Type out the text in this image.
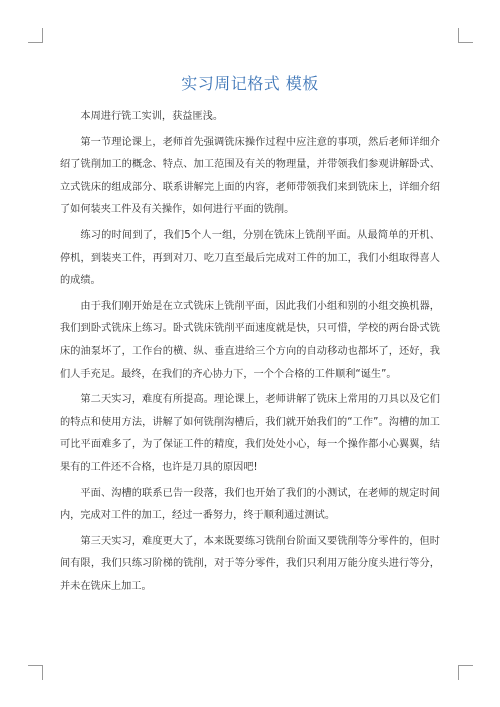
实习周记格式 模板

本周进行铣工实训，获益匪浅。

第一节理论课上，老师首先强调铣床操作过程中应注意的事项，然后老师详细介绍了铣削加工的概念、特点、加工范围及有关的物理量，并带领我们参观讲解卧式、立式铣床的组成部分、联系讲解完上面的内容，老师带领我们来到铣床上，详细介绍了如何装夹工件及有关操作，如何进行平面的铣削。

练习的时间到了，我们5个人一组，分别在铣床上铣削平面。从最简单的开机、停机，到装夹工件，再到对刀、吃刀直至最后完成对工件的加工，我们小组取得喜人的成绩。

由于我们刚开始是在立式铣床上铣削平面，因此我们小组和别的小组交换机器，我们到卧式铣床上练习。卧式铣床铣削平面速度就是快，只可惜，学校的两台卧式铣床的油泵坏了，工作台的横、纵、垂直进给三个方向的自动移动也都坏了，还好，我们人手充足。最终，在我们的齐心协力下，一个个合格的工件顺利“诞生”。

第二天实习，难度有所提高。理论课上，老师讲解了铣床上常用的刀具以及它们的特点和使用方法，讲解了如何铣削沟槽后，我们就开始我们的“工作”。沟槽的加工可比平面难多了，为了保证工件的精度，我们处处小心，每一个操作都小心翼翼，结果有的工件还不合格，也许是刀具的原因吧!

平面、沟槽的联系已告一段落，我们也开始了我们的小测试，在老师的规定时间内，完成对工件的加工，经过一番努力，终于顺利通过测试。

第三天实习，难度更大了，本来既要练习铣削台阶面又要铣削等分零件的，但时间有限，我们只练习阶梯的铣削，对于等分零件，我们只利用万能分度头进行等分，并未在铣床上加工。
